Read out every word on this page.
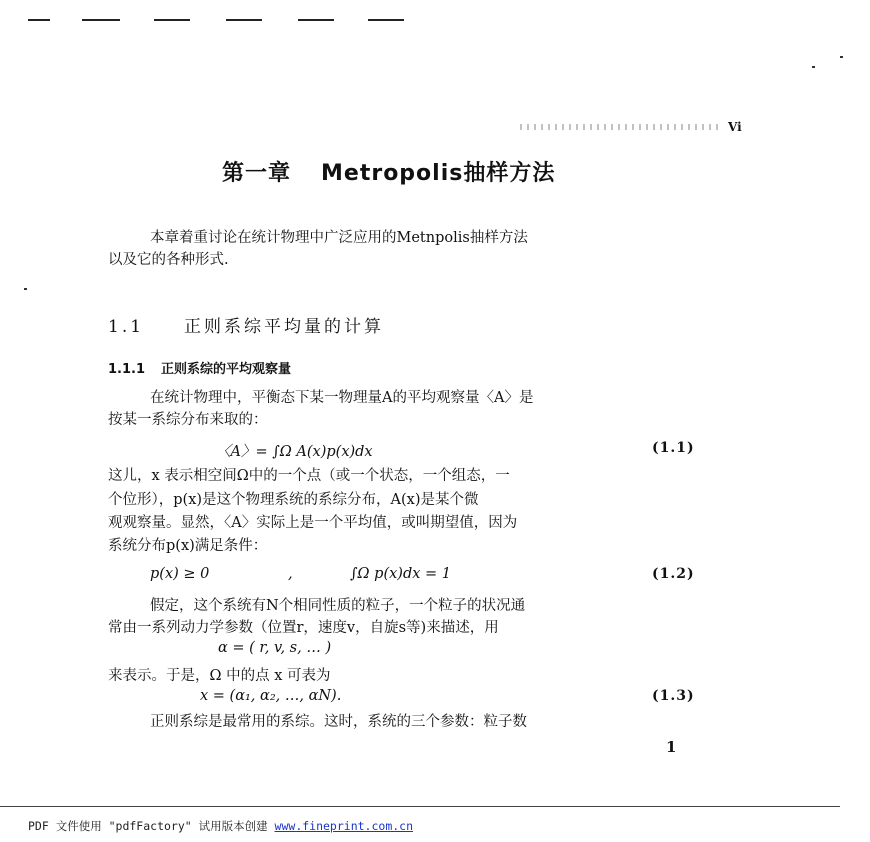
Vi
第一章 Metropolis抽样方法
本章着重讨论在统计物理中广泛应用的Metnpolis抽样方法
以及它的各种形式.
1.1 正则系综平均量的计算
1.1.1 正则系综的平均观察量
在统计物理中，平衡态下某一物理量A的平均观察量〈A〉是
按某一系综分布来取的：
〈A〉= ∫Ω A(x)p(x)dx	(1.1)
这儿，x 表示相空间Ω中的一个点（或一个状态，一个组态，一
个位形），p(x)是这个物理系统的系综分布，A(x)是某个微
观观察量。显然，〈A〉实际上是一个平均值，或叫期望值，因为
系统分布p(x)满足条件：
p(x) ≥ 0	,	∫Ω p(x)dx = 1	(1.2)
假定，这个系统有N个相同性质的粒子，一个粒子的状况通
常由一系列动力学参数（位置r，速度v，自旋s等)来描述，用
α = ( r, v, s, … )
来表示。于是，Ω 中的点 x 可表为
x = (α₁, α₂, …, αN).	(1.3)
正则系综是最常用的系综。这时，系统的三个参数：粒子数
1
PDF 文件使用 "pdfFactory" 试用版本创建 www.fineprint.com.cn
